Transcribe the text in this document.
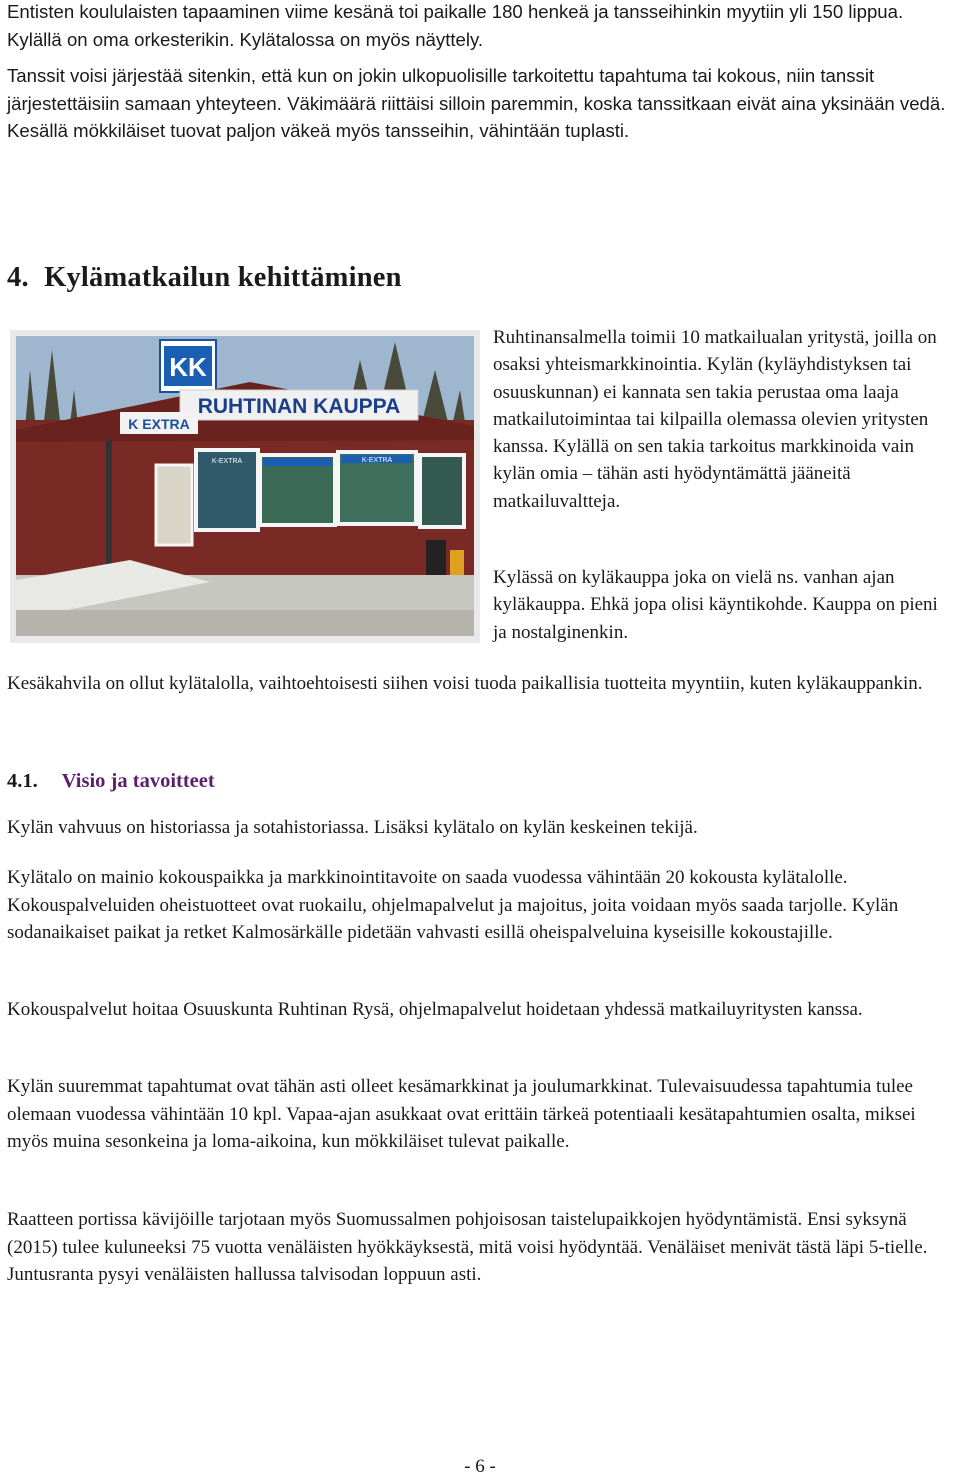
Entisten koululaisten tapaaminen viime kesänä toi paikalle 180 henkeä ja tansseihinkin myytiin yli 150 lippua. Kylällä on oma orkesterikin. Kylätalossa on myös näyttely.

Tanssit voisi järjestää sitenkin, että kun on jokin ulkopuolisille tarkoitettu tapahtuma tai kokous, niin tanssit järjestettäisiin samaan yhteyteen. Väkimäärä riittäisi silloin paremmin, koska tanssitkaan eivät aina yksinään vedä. Kesällä mökkiläiset tuovat paljon väkeä myös tansseihin, vähintään tuplasti.

4. Kylämatkailun kehittäminen
KK
RUHTINAN KAUPPA
K EXTRA
K-EXTRA	K-EXTRA

Ruhtinansalmella toimii 10 matkailualan yritystä, joilla on osaksi yhteismarkkinointia. Kylän (kyläyhdistyksen tai osuuskunnan) ei kannata sen takia perustaa oma laaja matkailutoimintaa tai kilpailla olemassa olevien yritysten kanssa. Kylällä on sen takia tarkoitus markkinoida vain kylän omia – tähän asti hyödyntämättä jääneitä matkailuvaltteja.

Kylässä on kyläkauppa joka on vielä ns. vanhan ajan kyläkauppa. Ehkä jopa olisi käyntikohde. Kauppa on pieni ja nostalginenkin.

Kesäkahvila on ollut kylätalolla, vaihtoehtoisesti siihen voisi tuoda paikallisia tuotteita myyntiin, kuten kyläkauppankin.

4.1. Visio ja tavoitteet

Kylän vahvuus on historiassa ja sotahistoriassa. Lisäksi kylätalo on kylän keskeinen tekijä.

Kylätalo on mainio kokouspaikka ja markkinointitavoite on saada vuodessa vähintään 20 kokousta kylätalolle. Kokouspalveluiden oheistuotteet ovat ruokailu, ohjelmapalvelut ja majoitus, joita voidaan myös saada tarjolle. Kylän sodanaikaiset paikat ja retket Kalmosärkälle pidetään vahvasti esillä oheispalveluina kyseisille kokoustajille.

Kokouspalvelut hoitaa Osuuskunta Ruhtinan Rysä, ohjelmapalvelut hoidetaan yhdessä matkailuyritysten kanssa.

Kylän suuremmat tapahtumat ovat tähän asti olleet kesämarkkinat ja joulumarkkinat. Tulevaisuudessa tapahtumia tulee olemaan vuodessa vähintään 10 kpl. Vapaa-ajan asukkaat ovat erittäin tärkeä potentiaali kesätapahtumien osalta, miksei myös muina sesonkeina ja loma-aikoina, kun mökkiläiset tulevat paikalle.

Raatteen portissa kävijöille tarjotaan myös Suomussalmen pohjoisosan taistelupaikkojen hyödyntämistä. Ensi syksynä (2015) tulee kuluneeksi 75 vuotta venäläisten hyökkäyksestä, mitä voisi hyödyntää. Venäläiset menivät tästä läpi 5-tielle. Juntusranta pysyi venäläisten hallussa talvisodan loppuun asti.

- 6 -
